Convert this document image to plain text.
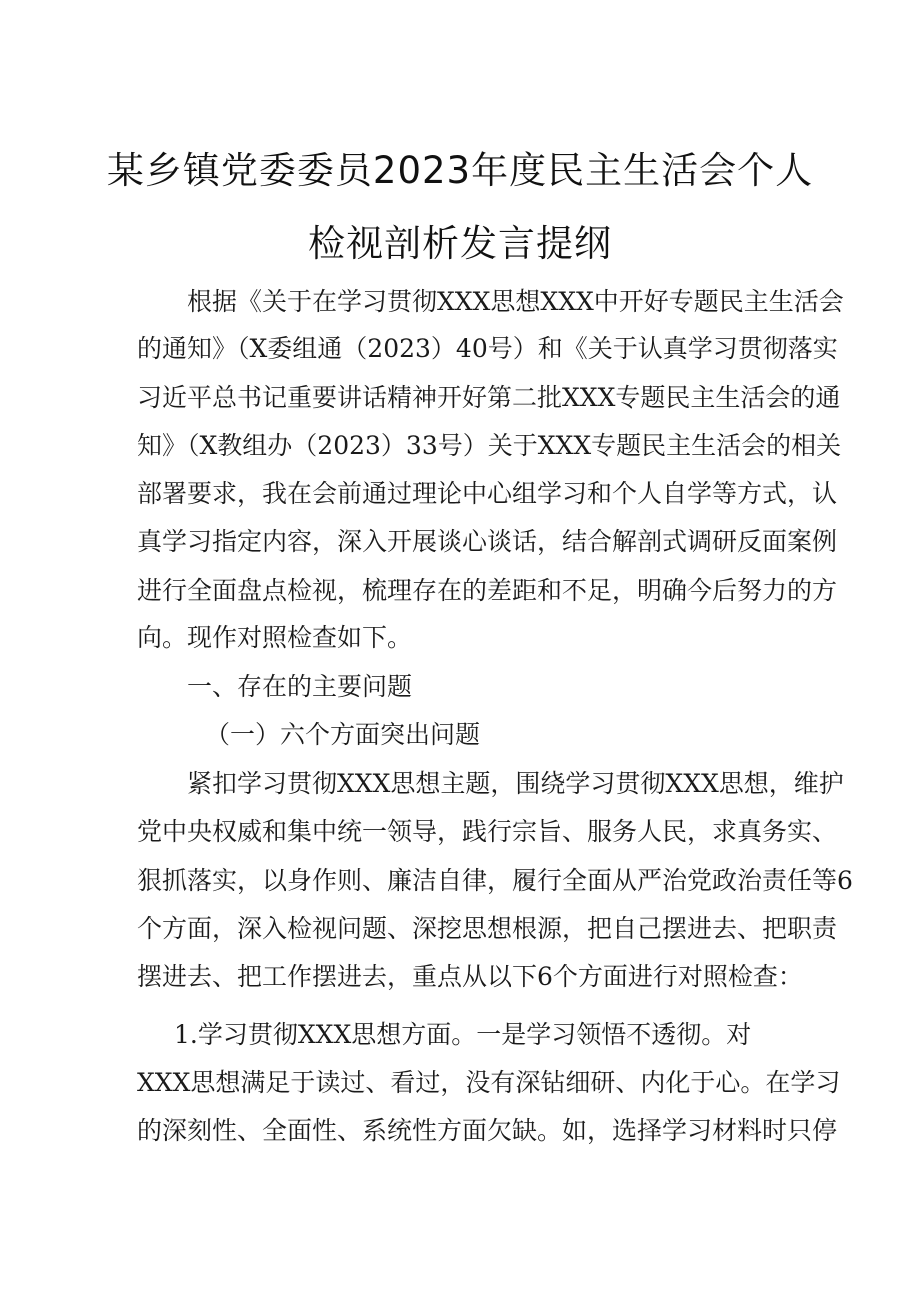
某乡镇党委委员2023年度民主生活会个人
检视剖析发言提纲
根据《关于在学习贯彻XXX思想XXX中开好专题民主生活会
的通知》（X委组通（2023）40号）和《关于认真学习贯彻落实
习近平总书记重要讲话精神开好第二批XXX专题民主生活会的通
知》（X教组办（2023）33号）关于XXX专题民主生活会的相关
部署要求，我在会前通过理论中心组学习和个人自学等方式，认
真学习指定内容，深入开展谈心谈话，结合解剖式调研反面案例
进行全面盘点检视，梳理存在的差距和不足，明确今后努力的方
向。现作对照检查如下。
一、存在的主要问题
（一）六个方面突出问题
紧扣学习贯彻XXX思想主题，围绕学习贯彻XXX思想，维护
党中央权威和集中统一领导，践行宗旨、服务人民，求真务实、
狠抓落实，以身作则、廉洁自律，履行全面从严治党政治责任等6
个方面，深入检视问题、深挖思想根源，把自己摆进去、把职责
摆进去、把工作摆进去，重点从以下6个方面进行对照检查：
1.学习贯彻XXX思想方面。一是学习领悟不透彻。对
XXX思想满足于读过、看过，没有深钻细研、内化于心。在学习
的深刻性、全面性、系统性方面欠缺。如，选择学习材料时只停
